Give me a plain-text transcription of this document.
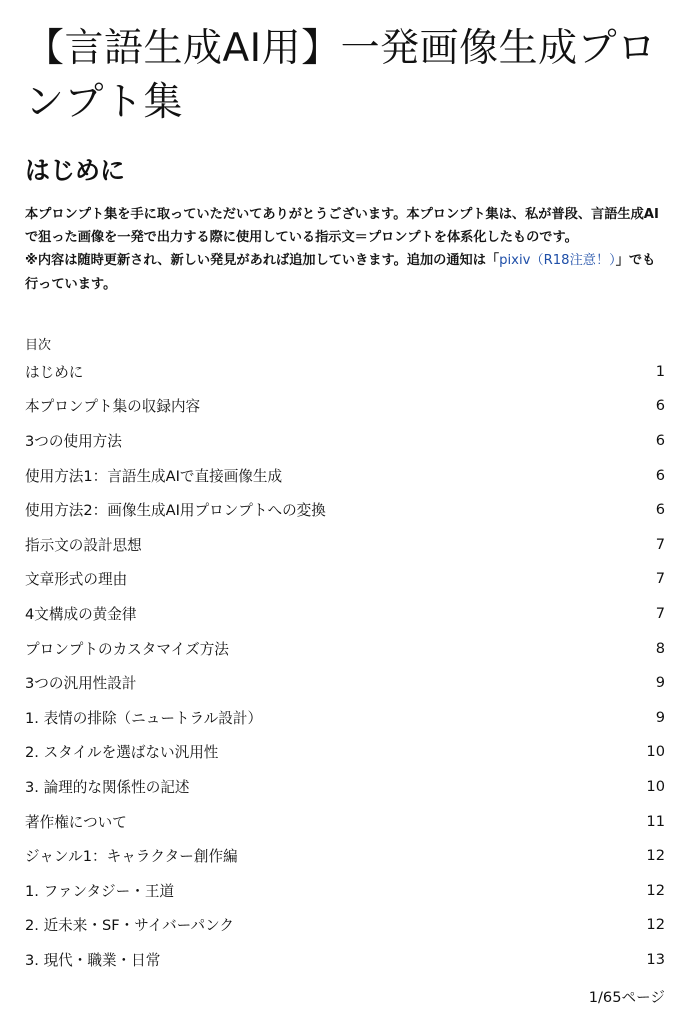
【言語生成AI用】一発画像生成プロンプト集
はじめに

本プロンプト集を手に取っていただいてありがとうございます。本プロンプト集は、私が普段、言語生成AIで狙った画像を一発で出力する際に使用している指示文＝プロンプトを体系化したものです。
※内容は随時更新され、新しい発見があれば追加していきます。追加の通知は「pixiv（R18注意！）」でも行っています。

目次
はじめに	1
本プロンプト集の収録内容	6
3つの使用方法	6
使用方法1：言語生成AIで直接画像生成	6
使用方法2：画像生成AI用プロンプトへの変換	6
指示文の設計思想	7
文章形式の理由	7
4文構成の黄金律	7
プロンプトのカスタマイズ方法	8
3つの汎用性設計	9
1. 表情の排除（ニュートラル設計）	9
2. スタイルを選ばない汎用性	10
3. 論理的な関係性の記述	10
著作権について	11
ジャンル1：キャラクター創作編	12
1. ファンタジー・王道	12
2. 近未来・SF・サイバーパンク	12
3. 現代・職業・日常	13
1/65ページ
